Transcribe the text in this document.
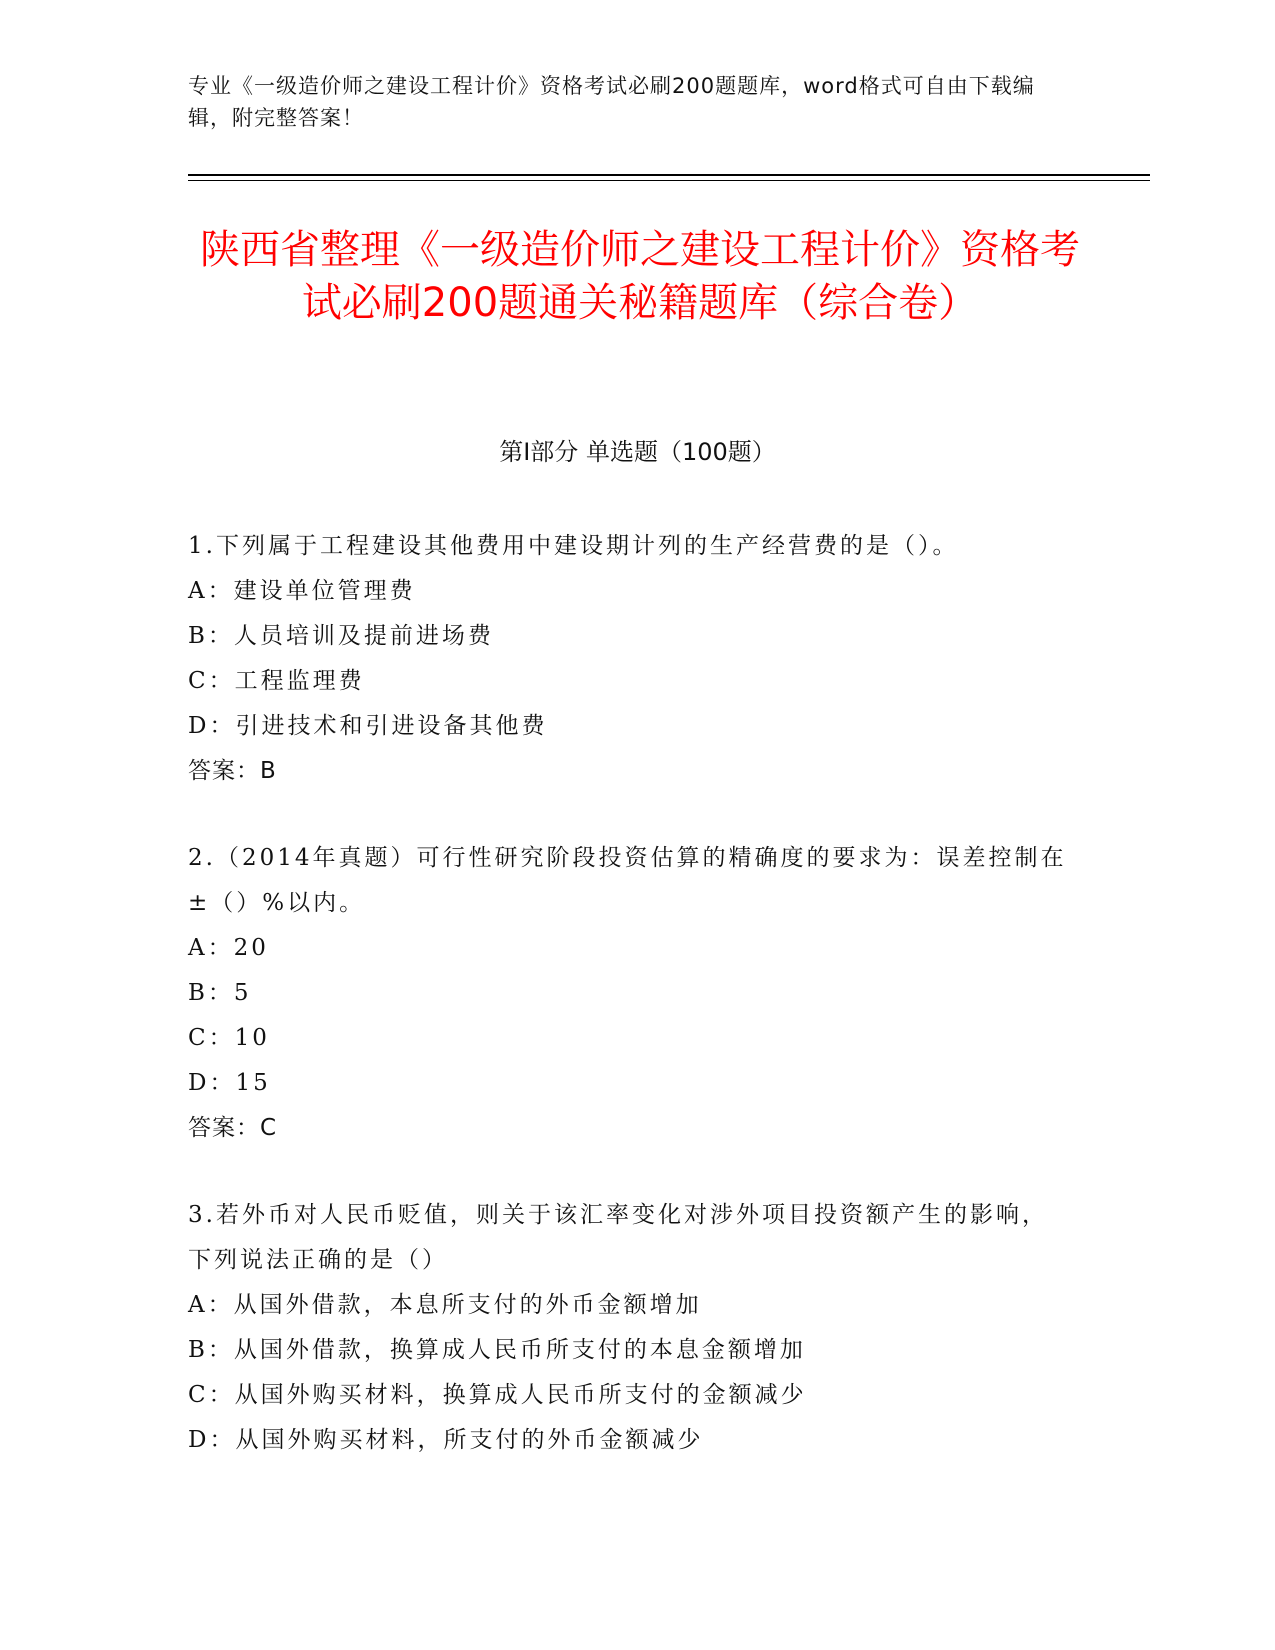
专业《一级造价师之建设工程计价》资格考试必刷200题题库，word格式可自由下载编辑，附完整答案！
陕西省整理《一级造价师之建设工程计价》资格考试必刷200题通关秘籍题库（综合卷）
第I部分 单选题（100题）

1.下列属于工程建设其他费用中建设期计列的生产经营费的是（）。

A：建设单位管理费

B：人员培训及提前进场费

C：工程监理费

D：引进技术和引进设备其他费

答案：B

2.（2014年真题）可行性研究阶段投资估算的精确度的要求为：误差控制在±（）%以内。

A：20

B：5

C：10

D：15

答案：C

3.若外币对人民币贬值，则关于该汇率变化对涉外项目投资额产生的影响，下列说法正确的是（）

A：从国外借款，本息所支付的外币金额增加

B：从国外借款，换算成人民币所支付的本息金额增加

C：从国外购买材料，换算成人民币所支付的金额减少

D：从国外购买材料，所支付的外币金额减少
